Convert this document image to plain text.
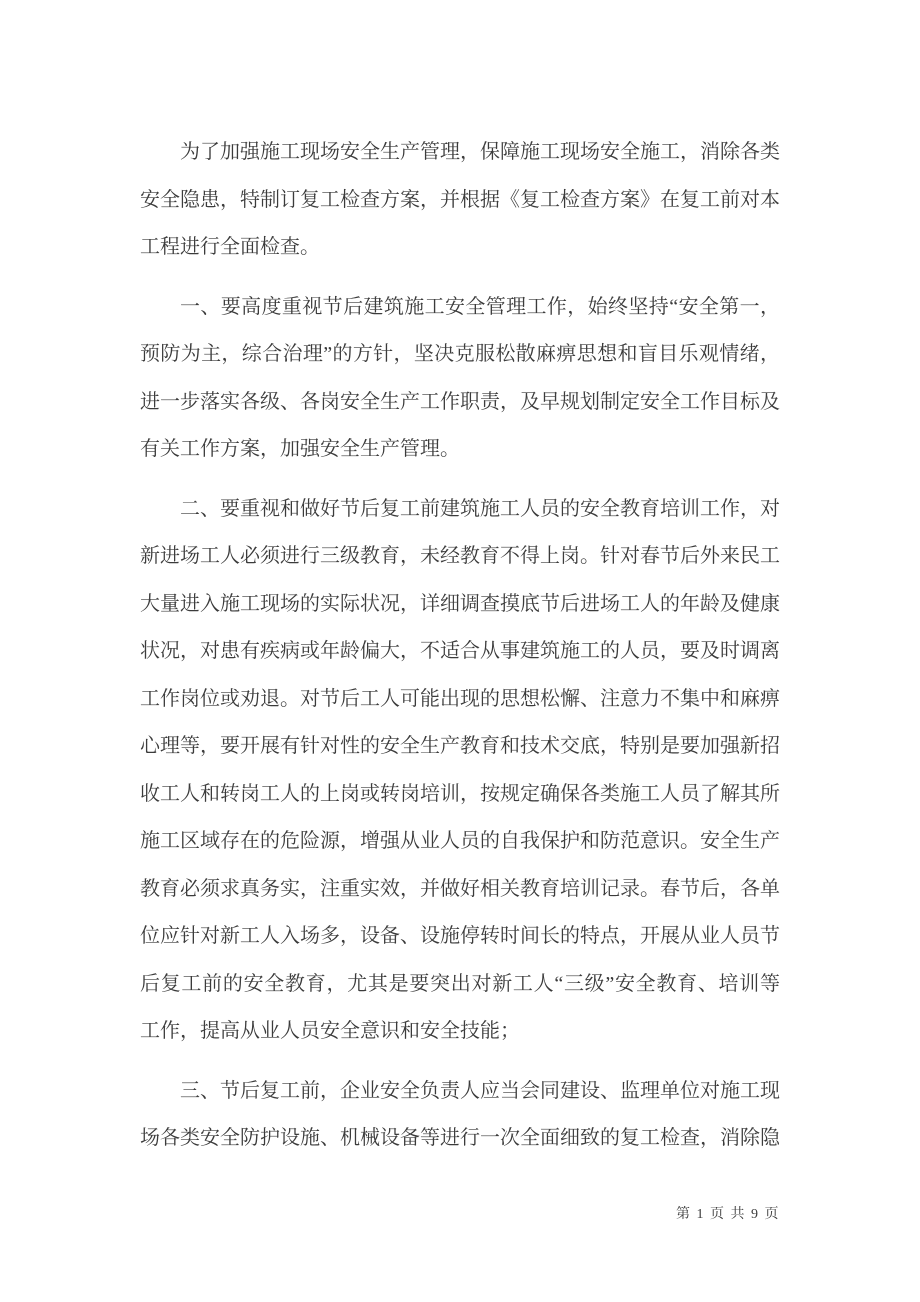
为了加强施工现场安全生产管理，保障施工现场安全施工，消除各类
安全隐患，特制订复工检查方案，并根据《复工检查方案》在复工前对本
工程进行全面检查。
一、要高度重视节后建筑施工安全管理工作，始终坚持“安全第一，
预防为主，综合治理”的方针，坚决克服松散麻痹思想和盲目乐观情绪，
进一步落实各级、各岗安全生产工作职责，及早规划制定安全工作目标及
有关工作方案，加强安全生产管理。
二、要重视和做好节后复工前建筑施工人员的安全教育培训工作，对
新进场工人必须进行三级教育，未经教育不得上岗。针对春节后外来民工
大量进入施工现场的实际状况，详细调查摸底节后进场工人的年龄及健康
状况，对患有疾病或年龄偏大，不适合从事建筑施工的人员，要及时调离
工作岗位或劝退。对节后工人可能出现的思想松懈、注意力不集中和麻痹
心理等，要开展有针对性的安全生产教育和技术交底，特别是要加强新招
收工人和转岗工人的上岗或转岗培训，按规定确保各类施工人员了解其所
施工区域存在的危险源，增强从业人员的自我保护和防范意识。安全生产
教育必须求真务实，注重实效，并做好相关教育培训记录。春节后，各单
位应针对新工人入场多，设备、设施停转时间长的特点，开展从业人员节
后复工前的安全教育，尤其是要突出对新工人“三级”安全教育、培训等
工作，提高从业人员安全意识和安全技能；
三、节后复工前，企业安全负责人应当会同建设、监理单位对施工现
场各类安全防护设施、机械设备等进行一次全面细致的复工检查，消除隐
第 1 页 共 9 页
